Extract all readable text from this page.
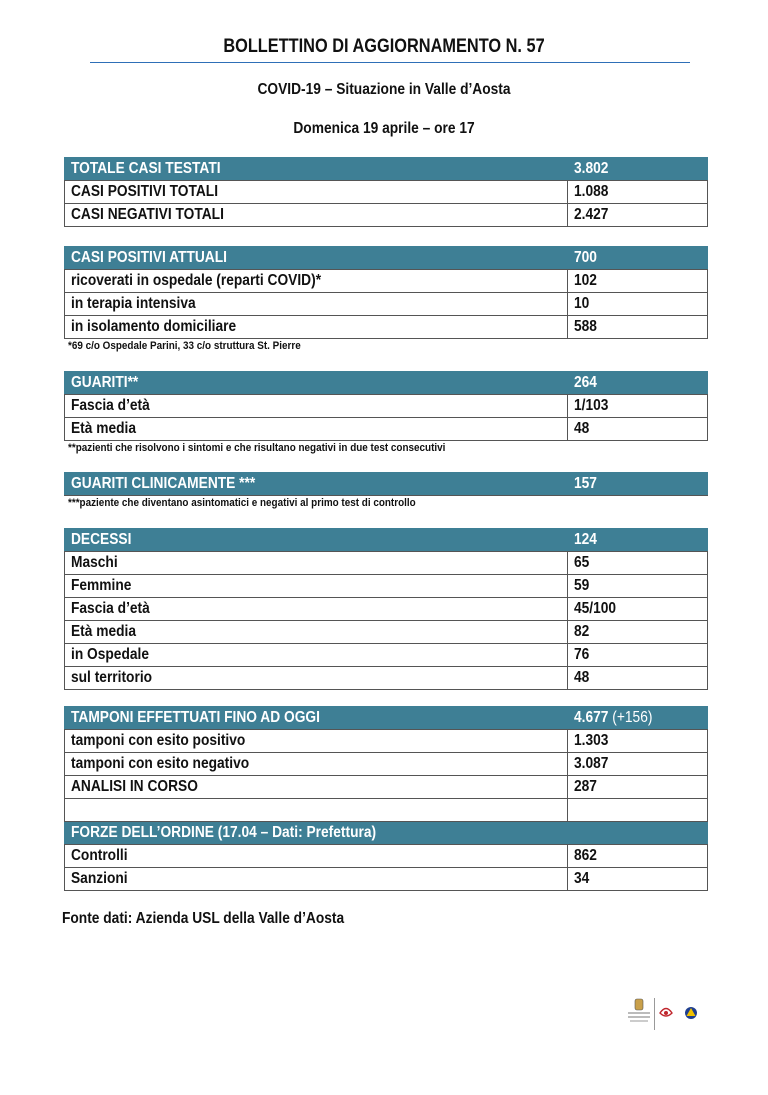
BOLLETTINO DI AGGIORNAMENTO N. 57
COVID-19 – Situazione in Valle d’Aosta
Domenica 19 aprile – ore 17
TOTALE CASI TESTATI	3.802
CASI POSITIVI TOTALI	1.088
CASI NEGATIVI TOTALI	2.427
CASI POSITIVI ATTUALI	700
ricoverati in ospedale (reparti COVID)*	102
in terapia intensiva	10
in isolamento domiciliare	588
*69 c/o Ospedale Parini, 33 c/o struttura St. Pierre
GUARITI**	264
Fascia d’età	1/103
Età media	48
**pazienti che risolvono i sintomi e che risultano negativi in due test consecutivi
GUARITI CLINICAMENTE ***	157
***paziente che diventano asintomatici e negativi al primo test di controllo
DECESSI	124
Maschi	65
Femmine	59
Fascia d’età	45/100
Età media	82
in Ospedale	76
sul territorio	48
TAMPONI EFFETTUATI FINO AD OGGI	4.677 (+156)
tamponi con esito positivo	1.303
tamponi con esito negativo	3.087
ANALISI IN CORSO	287

FORZE DELL’ORDINE (17.04 – Dati: Prefettura)	
Controlli	862
Sanzioni	34
Fonte dati: Azienda USL della Valle d’Aosta
